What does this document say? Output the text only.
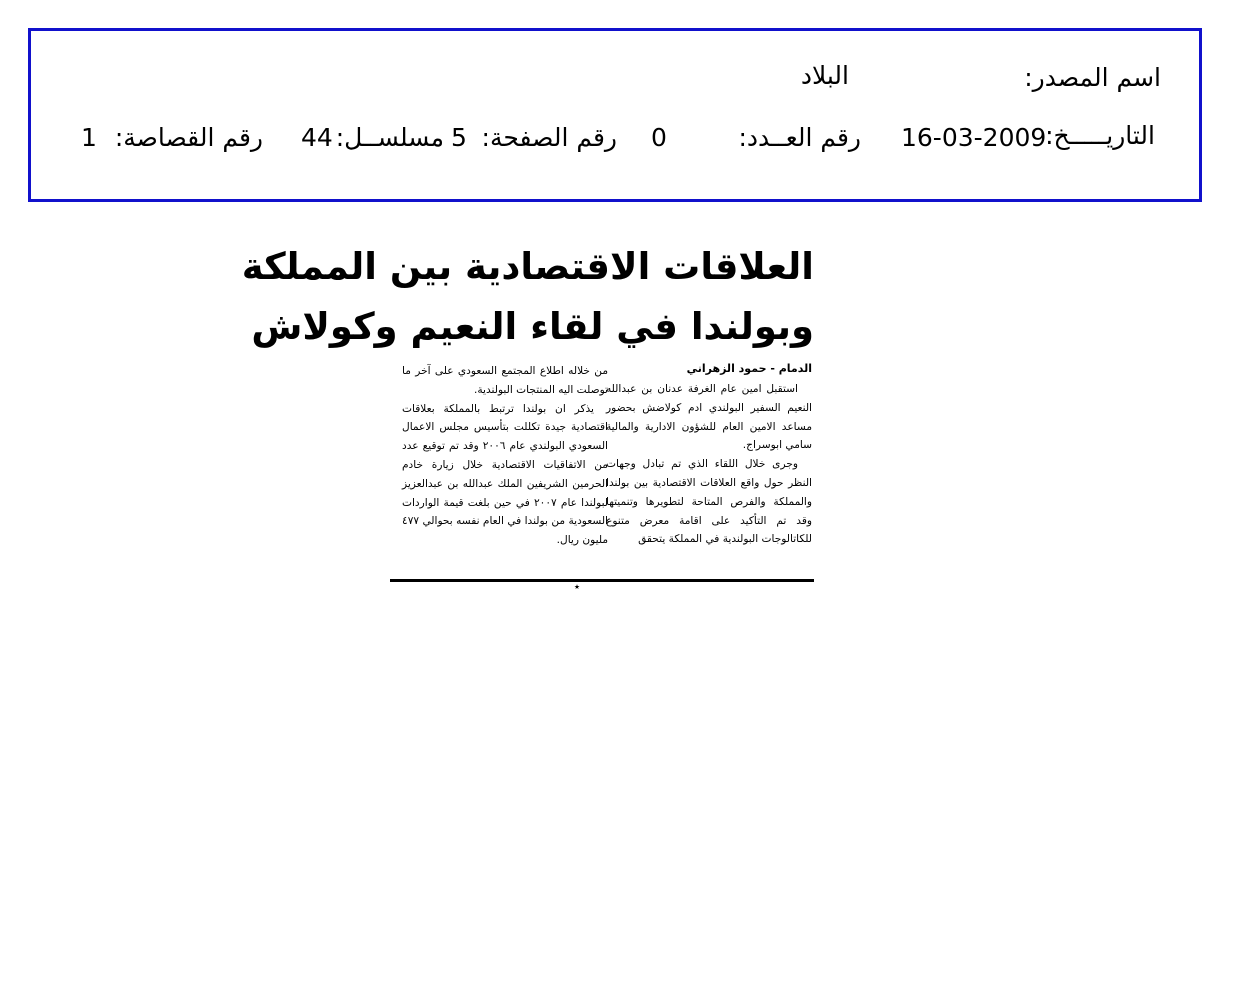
اسم المصدر:
البلاد
التاريـــــخ:
16-03-2009
رقم العــدد:
0
رقم الصفحة:
5
مسلســل:
44
رقم القصاصة:
1
العلاقات الاقتصادية بين المملكة
وبولندا في لقاء النعيم وكولاش
الدمام - حمود الزهراني

استقبل امين عام الغرفة عدنان بن عبدالله النعيم السفير البولندي ادم كولاضش بحضور مساعد الامين العام للشؤون الادارية والمالية سامي ابوسراج.

وجرى خلال اللقاء الذي تم تبادل وجهات النظر حول واقع العلاقات الاقتصادية بين بولندا والمملكة والفرص المتاحة لتطويرها وتنميتها وقد تم التأكيد على اقامة معرض متنوع للكاتالوجات البولندية في المملكة يتحقق

من خلاله اطلاع المجتمع السعودي على آخر ما توصلت اليه المنتجات البولندية.

يذكر ان بولندا ترتبط بالمملكة بعلاقات اقتصادية جيدة تكللت بتأسيس مجلس الاعمال السعودي البولندي عام ٢٠٠٦ وقد تم توقيع عدد من الاتفاقيات الاقتصادية خلال زيارة خادم الحرمين الشريفين الملك عبدالله بن عبدالعزيز لبولندا عام ٢٠٠٧ في حين بلغت قيمة الواردات السعودية من بولندا في العام نفسه بحوالي ٤٧٧ مليون ريال.

٭
